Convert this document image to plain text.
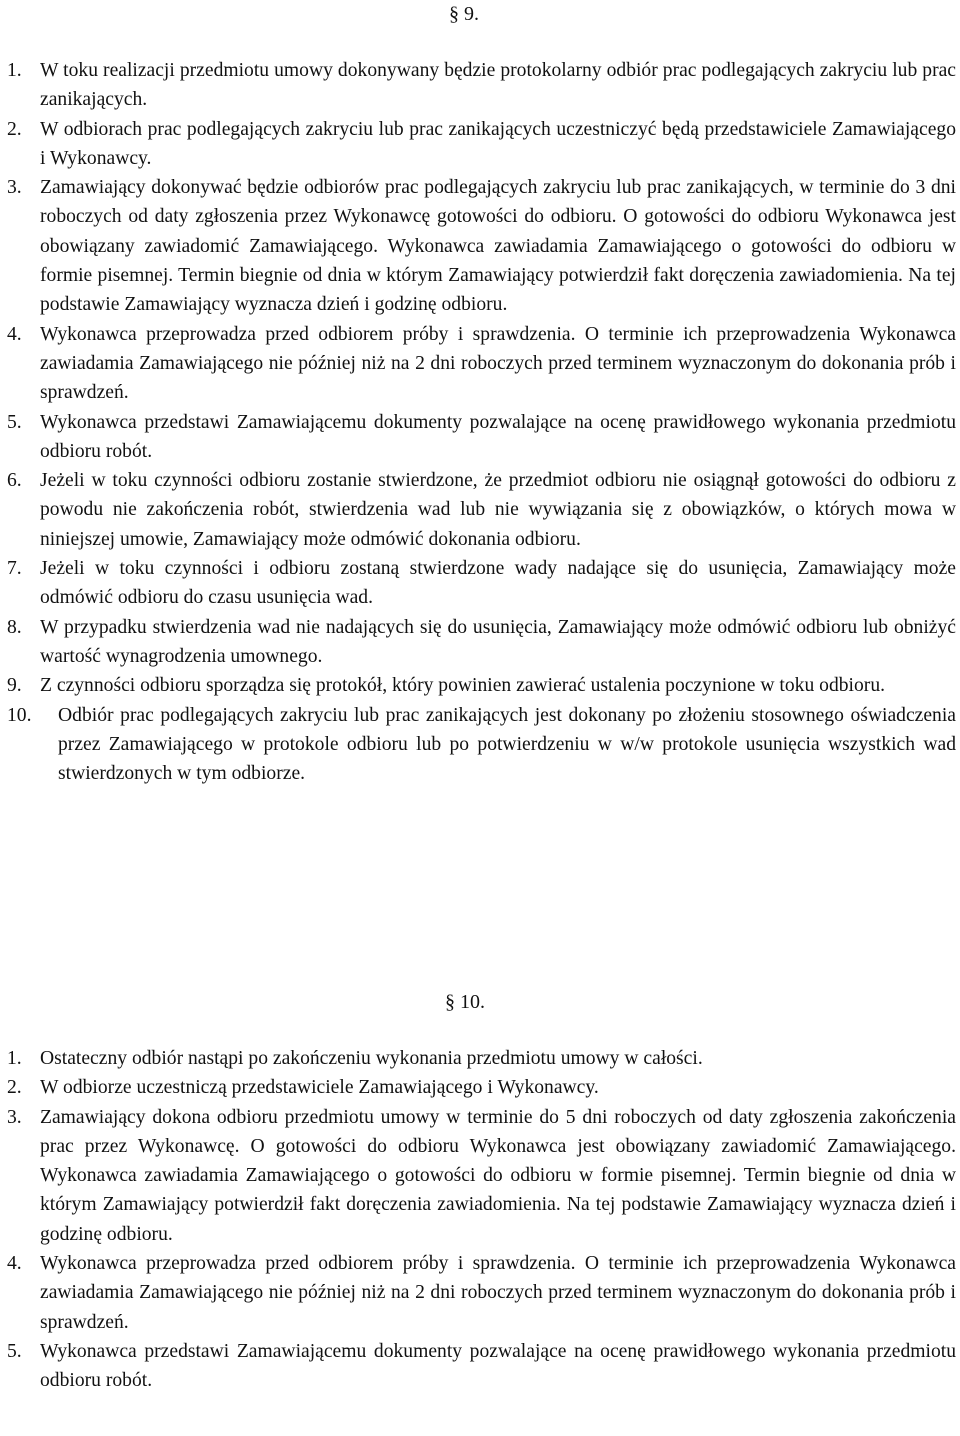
§ 9.
1. W toku realizacji przedmiotu umowy dokonywany będzie protokolarny odbiór prac podlegających zakryciu lub prac zanikających.
2. W odbiorach prac podlegających zakryciu lub prac zanikających uczestniczyć będą przedstawiciele Zamawiającego i Wykonawcy.
3. Zamawiający dokonywać będzie odbiorów prac podlegających zakryciu lub prac zanikających, w terminie do 3 dni roboczych od daty zgłoszenia przez Wykonawcę gotowości do odbioru. O gotowości do odbioru Wykonawca jest obowiązany zawiadomić Zamawiającego. Wykonawca zawiadamia Zamawiającego o gotowości do odbioru w formie pisemnej. Termin biegnie od dnia w którym Zamawiający potwierdził fakt doręczenia zawiadomienia. Na tej podstawie Zamawiający wyznacza dzień i godzinę odbioru.
4. Wykonawca przeprowadza przed odbiorem próby i sprawdzenia. O terminie ich przeprowadzenia Wykonawca zawiadamia Zamawiającego nie później niż na 2 dni roboczych przed terminem wyznaczonym do dokonania prób i sprawdzeń.
5. Wykonawca przedstawi Zamawiającemu dokumenty pozwalające na ocenę prawidłowego wykonania przedmiotu odbioru robót.
6. Jeżeli w toku czynności odbioru zostanie stwierdzone, że przedmiot odbioru nie osiągnął gotowości do odbioru z powodu nie zakończenia robót, stwierdzenia wad lub nie wywiązania się z obowiązków, o których mowa w niniejszej umowie, Zamawiający może odmówić dokonania odbioru.
7. Jeżeli w toku czynności i odbioru zostaną stwierdzone wady nadające się do usunięcia, Zamawiający może odmówić odbioru do czasu usunięcia wad.
8. W przypadku stwierdzenia wad nie nadających się do usunięcia, Zamawiający może odmówić odbioru lub obniżyć wartość wynagrodzenia umownego.
9. Z czynności odbioru sporządza się protokół, który powinien zawierać ustalenia poczynione w toku odbioru.
10.	Odbiór prac podlegających zakryciu lub prac zanikających jest dokonany po złożeniu stosownego oświadczenia przez Zamawiającego w protokole odbioru lub po potwierdzeniu w w/w protokole usunięcia wszystkich wad stwierdzonych w tym odbiorze.
§ 10.
1. Ostateczny odbiór nastąpi po zakończeniu wykonania przedmiotu umowy w całości.
2. W odbiorze uczestniczą przedstawiciele Zamawiającego i Wykonawcy.
3. Zamawiający dokona odbioru przedmiotu umowy w terminie do 5 dni roboczych od daty zgłoszenia zakończenia prac przez Wykonawcę. O gotowości do odbioru Wykonawca jest obowiązany zawiadomić Zamawiającego. Wykonawca zawiadamia Zamawiającego o gotowości do odbioru w formie pisemnej. Termin biegnie od dnia w którym Zamawiający potwierdził fakt doręczenia zawiadomienia. Na tej podstawie Zamawiający wyznacza dzień i godzinę odbioru.
4. Wykonawca przeprowadza przed odbiorem próby i sprawdzenia. O terminie ich przeprowadzenia Wykonawca zawiadamia Zamawiającego nie później niż na 2 dni roboczych przed terminem wyznaczonym do dokonania prób i sprawdzeń.
5. Wykonawca przedstawi Zamawiającemu dokumenty pozwalające na ocenę prawidłowego wykonania przedmiotu odbioru robót.
